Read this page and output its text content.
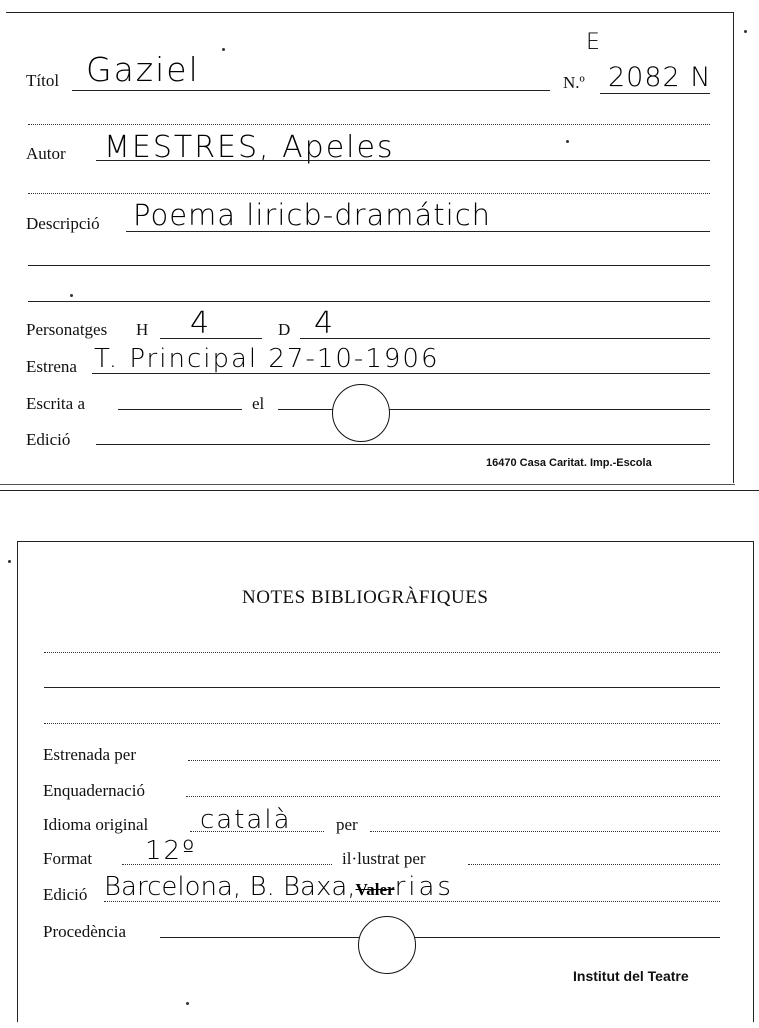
Títol Gaziel
E
N.º 2082 N
Autor MESTRES, Apeles
Descripció Poema liricb-dramátich
Personatges H 4	D 4
Estrena T. Principal 27-10-1906
Escrita a	el
Edició
16470 Casa Caritat. Imp.-Escola
NOTES BIBLIOGRÀFIQUES
Estrenada per
Enquadernació
Idioma original català	per
Format 12º	il·lustrat per
Edició Barcelona, B. Baxa,Valerrias
Procedència
Institut del Teatre
